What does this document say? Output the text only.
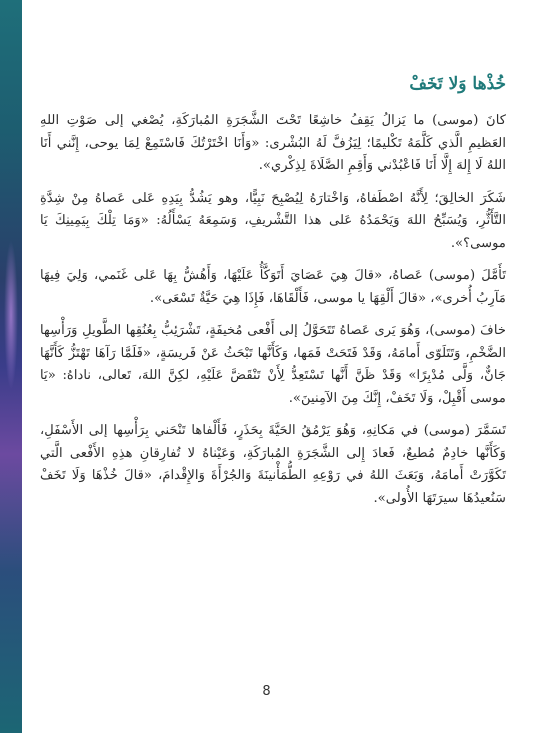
خُذْها وَلا تَخَفْ

كانَ (موسى) ما يَزالُ يَقِفُ خاشِعًا تَحْتَ الشَّجَرَةِ المُبارَكَةِ، يُصْغي إلى صَوْتِ اللهِ العَظيمِ الَّذي كَلَّمَهُ تَكْليمًا؛ لِيَزُفَّ لَهُ البُشْرى: «وَأَنَا اخْتَرْتُكَ فَاسْتَمِعْ لِمَا يوحى، إِنَّني أَنَا اللهُ لَا إِلهَ إِلَّا أَنَا فَاعْبُدْني وَأَقِمِ الصَّلَاةَ لِذِكْري».

شَكَرَ الخالِقَ؛ لِأَنَّهُ اصْطَفاهُ، وَاخْتارَهُ لِيُصْبِحَ نَبِيًّا، وهو يَشُدُّ بِيَدِهِ عَلى عَصاهُ مِنْ شِدَّةِ التَّأَثُّرِ، وَيُسَبِّحُ اللهَ وَيَحْمَدُهُ عَلى هذا التَّشْريفِ، وَسَمِعَهُ يَسْأَلُهُ: «وَمَا تِلْكَ بِيَمِينِكَ يَا موسى؟».

تَأَمَّلَ (موسى) عَصاهُ، «قالَ هِيَ عَصَايَ أَتَوَكَّأُ عَلَيْهَا، وَأَهُشُّ بِهَا عَلى غَنَمي، وَلِيَ فِيهَا مَآرِبُ أُخرى»، «قالَ أَلْقِهَا يا موسى، فَأَلْقَاهَا، فَإِذَا هِيَ حَيَّةٌ تَسْعَى».

خافَ (موسى)، وَهُوَ يَرى عَصاهُ تَتَحَوَّلُ إلى أَفْعى مُخيفَةٍ، تَشْرَئِبُّ بِعُنُقِها الطَّويلِ وَرَأْسِها الضَّخْمِ، وَتَتَلَوّى أَمامَهُ، وَقَدْ فَتَحَتْ فَمَها، وَكَأَنَّها تَبْحَثُ عَنْ فَريسَةٍ، «فَلَمَّا رَآهَا تَهْتَزُّ كَأَنَّهَا جَانٌّ، وَلَّى مُدْبِرًا» وَقَدْ ظَنَّ أَنَّها تَسْتَعِدُّ لِأَنْ تَنْقَضَّ عَلَيْهِ، لكِنَّ اللهَ، تَعالى، ناداهُ: «يَا موسى أَقْبِلْ، وَلَا تَخَفْ، إِنَّكَ مِنَ الآمِنينَ».

تَسَمَّرَ (موسى) في مَكانِهِ، وَهُوَ يَرْمُقُ الحَيَّةَ بِحَذَرٍ، فَأَلْفاها تَنْحَني بِرَأْسِها إلى الأَسْفَلِ، وَكَأَنَّها خادِمٌ مُطيعٌ، فَعادَ إِلى الشَّجَرَةِ المُبارَكَةِ، وَعَيْناهُ لا تُفارِقانِ هذِهِ الأَفْعى الَّتي تَكَوَّرَتْ أَمامَهُ، وَبَعَثَ اللهُ في رَوْعِهِ الطُّمَأْنينَةَ وَالجُرْأَةَ وَالإِقْدامَ، «قالَ خُذْهَا وَلَا تَخَفْ سَنُعيدُهَا سيرَتَهَا الأُولى».

8
